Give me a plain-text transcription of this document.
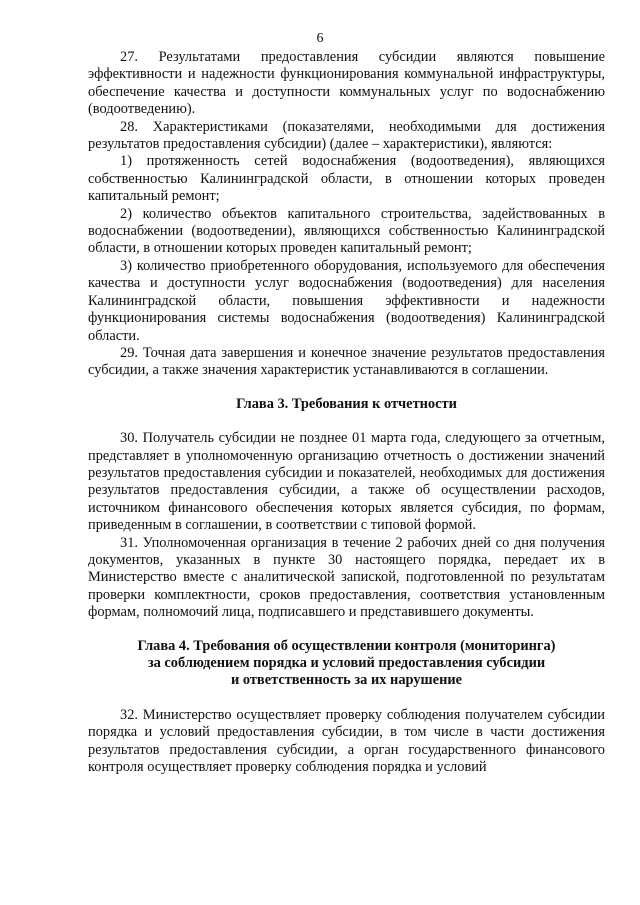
6

27. Результатами предоставления субсидии являются повышение эффективности и надежности функционирования коммунальной инфраструктуры, обеспечение качества и доступности коммунальных услуг по водоснабжению (водоотведению).

28. Характеристиками (показателями, необходимыми для достижения результатов предоставления субсидии) (далее – характеристики), являются:

1) протяженность сетей водоснабжения (водоотведения), являющихся собственностью Калининградской области, в отношении которых проведен капитальный ремонт;

2) количество объектов капитального строительства, задействованных в водоснабжении (водоотведении), являющихся собственностью Калининградской области, в отношении которых проведен капитальный ремонт;

3) количество приобретенного оборудования, используемого для обеспечения качества и доступности услуг водоснабжения (водоотведения) для населения Калининградской области, повышения эффективности и надежности функционирования системы водоснабжения (водоотведения) Калининградской области.

29. Точная дата завершения и конечное значение результатов предоставления субсидии, а также значения характеристик устанавливаются в соглашении.

Глава 3. Требования к отчетности

30. Получатель субсидии не позднее 01 марта года, следующего за отчетным, представляет в уполномоченную организацию отчетность о достижении значений результатов предоставления субсидии и показателей, необходимых для достижения результатов предоставления субсидии, а также об осуществлении расходов, источником финансового обеспечения которых является субсидия, по формам, приведенным в соглашении, в соответствии с типовой формой.

31. Уполномоченная организация в течение 2 рабочих дней со дня получения документов, указанных в пункте 30 настоящего порядка, передает их в Министерство вместе с аналитической запиской, подготовленной по результатам проверки комплектности, сроков предоставления, соответствия установленным формам, полномочий лица, подписавшего и представившего документы.

Глава 4. Требования об осуществлении контроля (мониторинга)
за соблюдением порядка и условий предоставления субсидии
и ответственность за их нарушение

32. Министерство осуществляет проверку соблюдения получателем субсидии порядка и условий предоставления субсидии, в том числе в части достижения результатов предоставления субсидии, а орган государственного финансового контроля осуществляет проверку соблюдения порядка и условий
